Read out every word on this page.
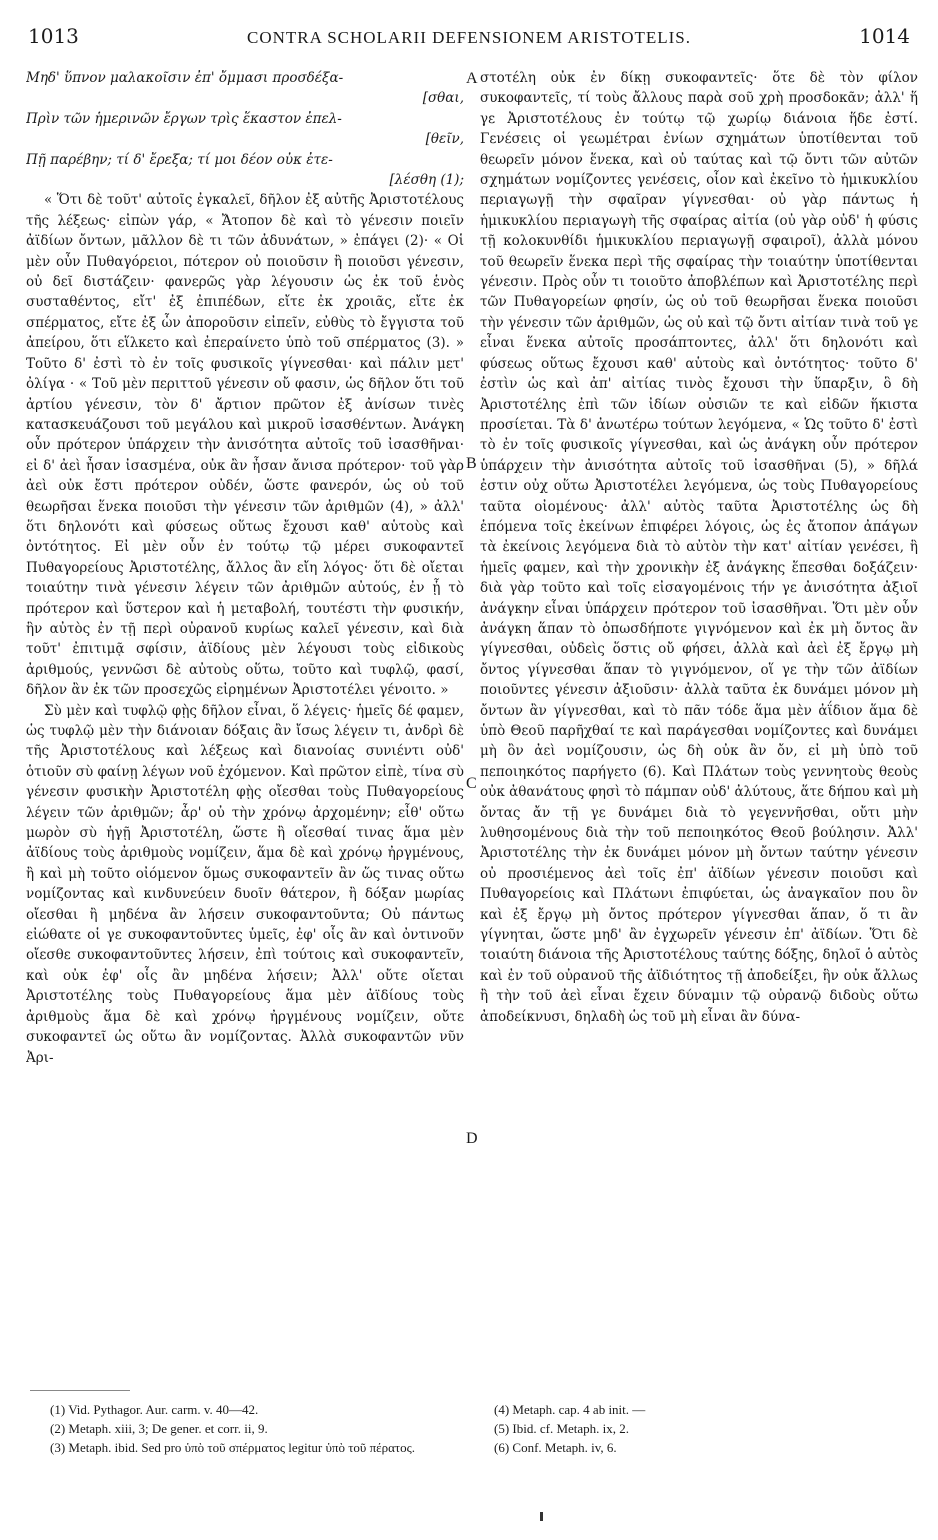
1013	CONTRA SCHOLARII DEFENSIONEM ARISTOTELIS.	1014
Μηδ' ὕπνον μαλακοῖσιν ἐπ' ὄμμασι προσδέξα-
[σθαι,
Πρὶν τῶν ἡμερινῶν ἔργων τρὶς ἕκαστον ἐπελ-
[θεῖν,
Πῇ παρέβην; τί δ' ἔρεξα; τί μοι δέον οὐκ ἐτε-
[λέσθη (1);

« Ὅτι δὲ τοῦτ' αὐτοῖς ἐγκαλεῖ, δῆλον ἐξ αὐτῆς Ἀριστοτέλους τῆς λέξεως· εἰπὼν γάρ, « Ἄτοπον δὲ καὶ τὸ γένεσιν ποιεῖν ἀϊδίων ὄντων, μᾶλλον δὲ τι τῶν ἀδυνάτων, » ἐπάγει (2)· « Οἱ μὲν οὖν Πυθαγόρειοι, πότερον οὐ ποιοῦσιν ἢ ποιοῦσι γένεσιν, οὐ δεῖ διστάζειν· φανερῶς γὰρ λέγουσιν ὡς ἐκ τοῦ ἑνὸς συσταθέντος, εἴτ' ἐξ ἐπιπέδων, εἴτε ἐκ χροιᾶς, εἴτε ἐκ σπέρματος, εἴτε ἐξ ὧν ἀποροῦσιν εἰπεῖν, εὐθὺς τὸ ἔγγιστα τοῦ ἀπείρου, ὅτι εἵλκετο καὶ ἐπεραίνετο ὑπὸ τοῦ σπέρματος (3). » Τοῦτο δ' ἐστὶ τὸ ἐν τοῖς φυσικοῖς γίγνεσθαι· καὶ πάλιν μετ' ὀλίγα · « Τοῦ μὲν περιττοῦ γένεσιν οὔ φασιν, ὡς δῆλον ὅτι τοῦ ἀρτίου γένεσιν, τὸν δ' ἄρτιον πρῶτον ἐξ ἀνίσων τινὲς κατασκευάζουσι τοῦ μεγάλου καὶ μικροῦ ἰσασθέντων. Ἀνάγκη οὖν πρότερον ὑπάρχειν τὴν ἀνισότητα αὐτοῖς τοῦ ἰσασθῆναι· εἰ δ' ἀεὶ ἦσαν ἰσασμένα, οὐκ ἂν ἦσαν ἄνισα πρότερον· τοῦ γὰρ ἀεὶ οὐκ ἔστι πρότερον οὐδέν, ὥστε φανερόν, ὡς οὐ τοῦ θεωρῆσαι ἕνεκα ποιοῦσι τὴν γένεσιν τῶν ἀριθμῶν (4), » ἀλλ' ὅτι δηλονότι καὶ φύσεως οὕτως ἔχουσι καθ' αὑτοὺς καὶ ὀντότητος. Εἰ μὲν οὖν ἐν τούτῳ τῷ μέρει συκοφαντεῖ Πυθαγορείους Ἀριστοτέλης, ἄλλος ἂν εἴη λόγος· ὅτι δὲ οἴεται τοιαύτην τινὰ γένεσιν λέγειν τῶν ἀριθμῶν αὐτούς, ἐν ᾗ τὸ πρότερον καὶ ὕστερον καὶ ἡ μεταβολή, τουτέστι τὴν φυσικήν, ἣν αὐτὸς ἐν τῇ περὶ οὐρανοῦ κυρίως καλεῖ γένεσιν, καὶ διὰ τοῦτ' ἐπιτιμᾷ σφίσιν, ἀϊδίους μὲν λέγουσι τοὺς εἰδικοὺς ἀριθμούς, γεννῶσι δὲ αὐτοὺς οὕτω, τοῦτο καὶ τυφλῷ, φασί, δῆλον ἂν ἐκ τῶν προσεχῶς εἰρημένων Ἀριστοτέλει γένοιτο. »

Σὺ μὲν καὶ τυφλῷ φῂς δῆλον εἶναι, ὅ λέγεις· ἡμεῖς δέ φαμεν, ὡς τυφλῷ μὲν τὴν διάνοιαν δόξαις ἂν ἴσως λέγειν τι, ἀνδρὶ δὲ τῆς Ἀριστοτέλους καὶ λέξεως καὶ διανοίας συνιέντι οὐδ' ὁτιοῦν σὺ φαίνῃ λέγων νοῦ ἐχόμενον. Καὶ πρῶτον εἰπὲ, τίνα σὺ γένεσιν φυσικὴν Ἀριστοτέλη φῂς οἴεσθαι τοὺς Πυθαγορείους λέγειν τῶν ἀριθμῶν; ἆρ' οὐ τὴν χρόνῳ ἀρχομένην; εἶθ' οὕτω μωρὸν σὺ ἡγῇ Ἀριστοτέλη, ὥστε ἢ οἴεσθαί τινας ἅμα μὲν ἀϊδίους τοὺς ἀριθμοὺς νομίζειν, ἅμα δὲ καὶ χρόνῳ ἠργμένους, ἢ καὶ μὴ τοῦτο οἰόμενον ὅμως συκοφαντεῖν ἂν ὥς τινας οὕτω νομίζοντας καὶ κινδυνεύειν δυοῖν θάτερον, ἢ δόξαν μωρίας οἴεσθαι ἢ μηδένα ἂν λήσειν συκοφαντοῦντα; Οὐ πάντως εἰώθατε οἱ γε συκοφαντοῦντες ὑμεῖς, ἐφ' οἷς ἂν καὶ ὀντινοῦν οἴεσθε συκοφαντοῦντες λήσειν, ἐπὶ τούτοις καὶ συκοφαντεῖν, καὶ οὐκ ἐφ' οἷς ἂν μηδένα λήσειν; Ἀλλ' οὔτε οἴεται Ἀριστοτέλης τοὺς Πυθαγορείους ἅμα μὲν ἀϊδίους τοὺς ἀριθμοὺς ἅμα δὲ καὶ χρόνῳ ἠργμένους νομίζειν, οὔτε συκοφαντεῖ ὡς οὕτω ἂν νομίζοντας. Ἀλλὰ συκοφαντῶν νῦν Ἀρι-

A
B
C
D

στοτέλη οὐκ ἐν δίκῃ συκοφαντεῖς· ὅτε δὲ τὸν φίλον συκοφαντεῖς, τί τοὺς ἄλλους παρὰ σοῦ χρὴ προσδοκᾶν; ἀλλ' ἥ γε Ἀριστοτέλους ἐν τούτῳ τῷ χωρίῳ διάνοια ἥδε ἐστί. Γενέσεις οἱ γεωμέτραι ἐνίων σχημάτων ὑποτίθενται τοῦ θεωρεῖν μόνον ἕνεκα, καὶ οὐ ταύτας καὶ τῷ ὄντι τῶν αὐτῶν σχημάτων νομίζοντες γενέσεις, οἷον καὶ ἐκεῖνο τὸ ἡμικυκλίου περιαγωγῇ τὴν σφαῖραν γίγνεσθαι· οὐ γὰρ πάντως ἡ ἡμικυκλίου περιαγωγὴ τῆς σφαίρας αἰτία (οὐ γὰρ οὐδ' ἡ φύσις τῇ κολοκυνθίδι ἡμικυκλίου περιαγωγῇ σφαιροῖ), ἀλλὰ μόνου τοῦ θεωρεῖν ἕνεκα περὶ τῆς σφαίρας τὴν τοιαύτην ὑποτίθενται γένεσιν. Πρὸς οὖν τι τοιοῦτο ἀποβλέπων καὶ Ἀριστοτέλης περὶ τῶν Πυθαγορείων φησίν, ὡς οὐ τοῦ θεωρῆσαι ἕνεκα ποιοῦσι τὴν γένεσιν τῶν ἀριθμῶν, ὡς οὐ καὶ τῷ ὄντι αἰτίαν τινὰ τοῦ γε εἶναι ἕνεκα αὐτοῖς προσάπτοντες, ἀλλ' ὅτι δηλονότι καὶ φύσεως οὕτως ἔχουσι καθ' αὑτοὺς καὶ ὀντότητος· τοῦτο δ' ἐστὶν ὡς καὶ ἀπ' αἰτίας τινὸς ἔχουσι τὴν ὕπαρξιν, ὃ δὴ Ἀριστοτέλης ἐπὶ τῶν ἰδίων οὐσιῶν τε καὶ εἰδῶν ἥκιστα προσίεται. Τὰ δ' ἀνωτέρω τούτων λεγόμενα, « Ὡς τοῦτο δ' ἐστὶ τὸ ἐν τοῖς φυσικοῖς γίγνεσθαι, καὶ ὡς ἀνάγκη οὖν πρότερον ὑπάρχειν τὴν ἀνισότητα αὐτοῖς τοῦ ἰσασθῆναι (5), » δῆλά ἐστιν οὐχ οὕτω Ἀριστοτέλει λεγόμενα, ὡς τοὺς Πυθαγορείους ταῦτα οἰομένους· ἀλλ' αὐτὸς ταῦτα Ἀριστοτέλης ὡς δὴ ἑπόμενα τοῖς ἐκείνων ἐπιφέρει λόγοις, ὡς ἐς ἄτοπον ἀπάγων τὰ ἐκείνοις λεγόμενα διὰ τὸ αὐτὸν τὴν κατ' αἰτίαν γενέσει, ἣ ἡμεῖς φαμεν, καὶ τὴν χρονικὴν ἐξ ἀνάγκης ἕπεσθαι δοξάζειν· διὰ γὰρ τοῦτο καὶ τοῖς εἰσαγομένοις τήν γε ἀνισότητα ἀξιοῖ ἀνάγκην εἶναι ὑπάρχειν πρότερον τοῦ ἰσασθῆναι. Ὅτι μὲν οὖν ἀνάγκη ἅπαν τὸ ὁπωσδήποτε γιγνόμενον καὶ ἐκ μὴ ὄντος ἂν γίγνεσθαι, οὐδεὶς ὅστις οὔ φήσει, ἀλλὰ καὶ ἀεὶ ἐξ ἔργῳ μὴ ὄντος γίγνεσθαι ἅπαν τὸ γιγνόμενον, οἵ γε τὴν τῶν ἀϊδίων ποιοῦντες γένεσιν ἀξιοῦσιν· ἀλλὰ ταῦτα ἐκ δυνάμει μόνον μὴ ὄντων ἂν γίγνεσθαι, καὶ τὸ πᾶν τόδε ἅμα μὲν ἀΐδιον ἅμα δὲ ὑπὸ Θεοῦ παρῆχθαί τε καὶ παράγεσθαι νομίζοντες καὶ δυνάμει μὴ ὂν ἀεὶ νομίζουσιν, ὡς δὴ οὐκ ἂν ὄν, εἰ μὴ ὑπὸ τοῦ πεποιηκότος παρήγετο (6). Καὶ Πλάτων τοὺς γεννητοὺς θεοὺς οὐκ ἀθανάτους φησὶ τὸ πάμπαν οὐδ' ἀλύτους, ἅτε δήπου καὶ μὴ ὄντας ἄν τῇ γε δυνάμει διὰ τὸ γεγεννῆσθαι, οὔτι μὴν λυθησομένους διὰ τὴν τοῦ πεποιηκότος Θεοῦ βούλησιν. Ἀλλ' Ἀριστοτέλης τὴν ἐκ δυνάμει μόνον μὴ ὄντων ταύτην γένεσιν οὐ προσιέμενος ἀεὶ τοῖς ἐπ' ἀϊδίων γένεσιν ποιοῦσι καὶ Πυθαγορείοις καὶ Πλάτωνι ἐπιφύεται, ὡς ἀναγκαῖον που ὂν καὶ ἐξ ἔργῳ μὴ ὄντος πρότερον γίγνεσθαι ἅπαν, ὅ τι ἂν γίγνηται, ὥστε μηδ' ἂν ἐγχωρεῖν γένεσιν ἐπ' ἀϊδίων. Ὅτι δὲ τοιαύτη διάνοια τῆς Ἀριστοτέλους ταύτης δόξης, δηλοῖ ὁ αὐτὸς καὶ ἐν τοῦ οὐρανοῦ τῆς ἀϊδιότητος τῇ ἀποδείξει, ἣν οὐκ ἄλλως ἢ τὴν τοῦ ἀεὶ εἶναι ἔχειν δύναμιν τῷ οὐρανῷ διδοὺς οὕτω ἀποδείκνυσι, δηλαδὴ ὡς τοῦ μὴ εἶναι ἂν δύνα-

(1) Vid. Pythagor. Aur. carm. v. 40—42.
(2) Metaph. xiii, 3; De gener. et corr. ii, 9.
(3) Metaph. ibid. Sed pro ὑπὸ τοῦ σπέρματος legitur ὑπὸ τοῦ πέρατος.
(4) Metaph. cap. 4 ab init. —
(5) Ibid. cf. Metaph. ix, 2.
(6) Conf. Metaph. iv, 6.
